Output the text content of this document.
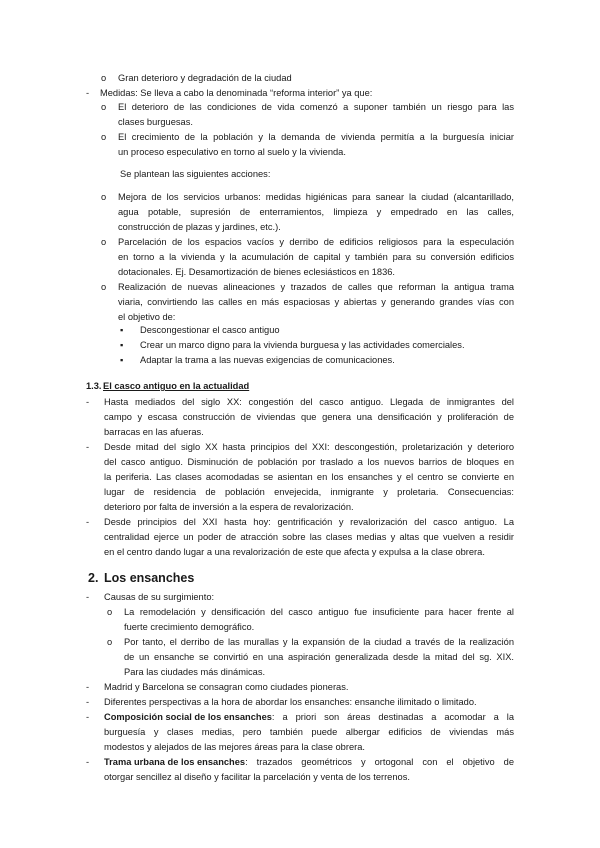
o Gran deterioro y degradación de la ciudad
- Medidas: Se lleva a cabo la denominada “reforma interior” ya que:
o El deterioro de las condiciones de vida comenzó a suponer también un riesgo para las
clases burguesas.
o El crecimiento de la población y la demanda de vivienda permitía a la burguesía iniciar
un proceso especulativo en torno al suelo y la vivienda.
Se plantean las siguientes acciones:
o Mejora de los servicios urbanos: medidas higiénicas para sanear la ciudad (alcantarillado,
agua potable, supresión de enterramientos, limpieza y empedrado en las calles,
construcción de plazas y jardines, etc.).
o Parcelación de los espacios vacíos y derribo de edificios religiosos para la especulación
en torno a la vivienda y la acumulación de capital y también para su conversión edificios
dotacionales. Ej. Desamortización de bienes eclesiásticos en 1836.
o Realización de nuevas alineaciones y trazados de calles que reforman la antigua trama
viaria, convirtiendo las calles en más espaciosas y abiertas y generando grandes vías con
el objetivo de:
▪ Descongestionar el casco antiguo
▪ Crear un marco digno para la vivienda burguesa y las actividades comerciales.
▪ Adaptar la trama a las nuevas exigencias de comunicaciones.
1.3. El casco antiguo en la actualidad
- Hasta mediados del siglo XX: congestión del casco antiguo. Llegada de inmigrantes del
campo y escasa construcción de viviendas que genera una densificación y proliferación de
barracas en las afueras.
- Desde mitad del siglo XX hasta principios del XXI: descongestión, proletarización y deterioro
del casco antiguo. Disminución de población por traslado a los nuevos barrios de bloques en
la periferia. Las clases acomodadas se asientan en los ensanches y el centro se convierte en
lugar de residencia de población envejecida, inmigrante y proletaria. Consecuencias:
deterioro por falta de inversión a la espera de revalorización.
- Desde principios del XXI hasta hoy: gentrificación y revalorización del casco antiguo. La
centralidad ejerce un poder de atracción sobre las clases medias y altas que vuelven a residir
en el centro dando lugar a una revalorización de este que afecta y expulsa a la clase obrera.
2. Los ensanches
- Causas de su surgimiento:
o La remodelación y densificación del casco antiguo fue insuficiente para hacer frente al
fuerte crecimiento demográfico.
o Por tanto, el derribo de las murallas y la expansión de la ciudad a través de la realización
de un ensanche se convirtió en una aspiración generalizada desde la mitad del sg. XIX.
Para las ciudades más dinámicas.
- Madrid y Barcelona se consagran como ciudades pioneras.
- Diferentes perspectivas a la hora de abordar los ensanches: ensanche ilimitado o limitado.
- Composición social de los ensanches : a priori son áreas destinadas a acomodar a la
burguesía y clases medias, pero también puede albergar edificios de viviendas más
modestos y alejados de las mejores áreas para la clase obrera.
- Trama urbana de los ensanches : trazados geométricos y ortogonal con el objetivo de
otorgar sencillez al diseño y facilitar la parcelación y venta de los terrenos.
